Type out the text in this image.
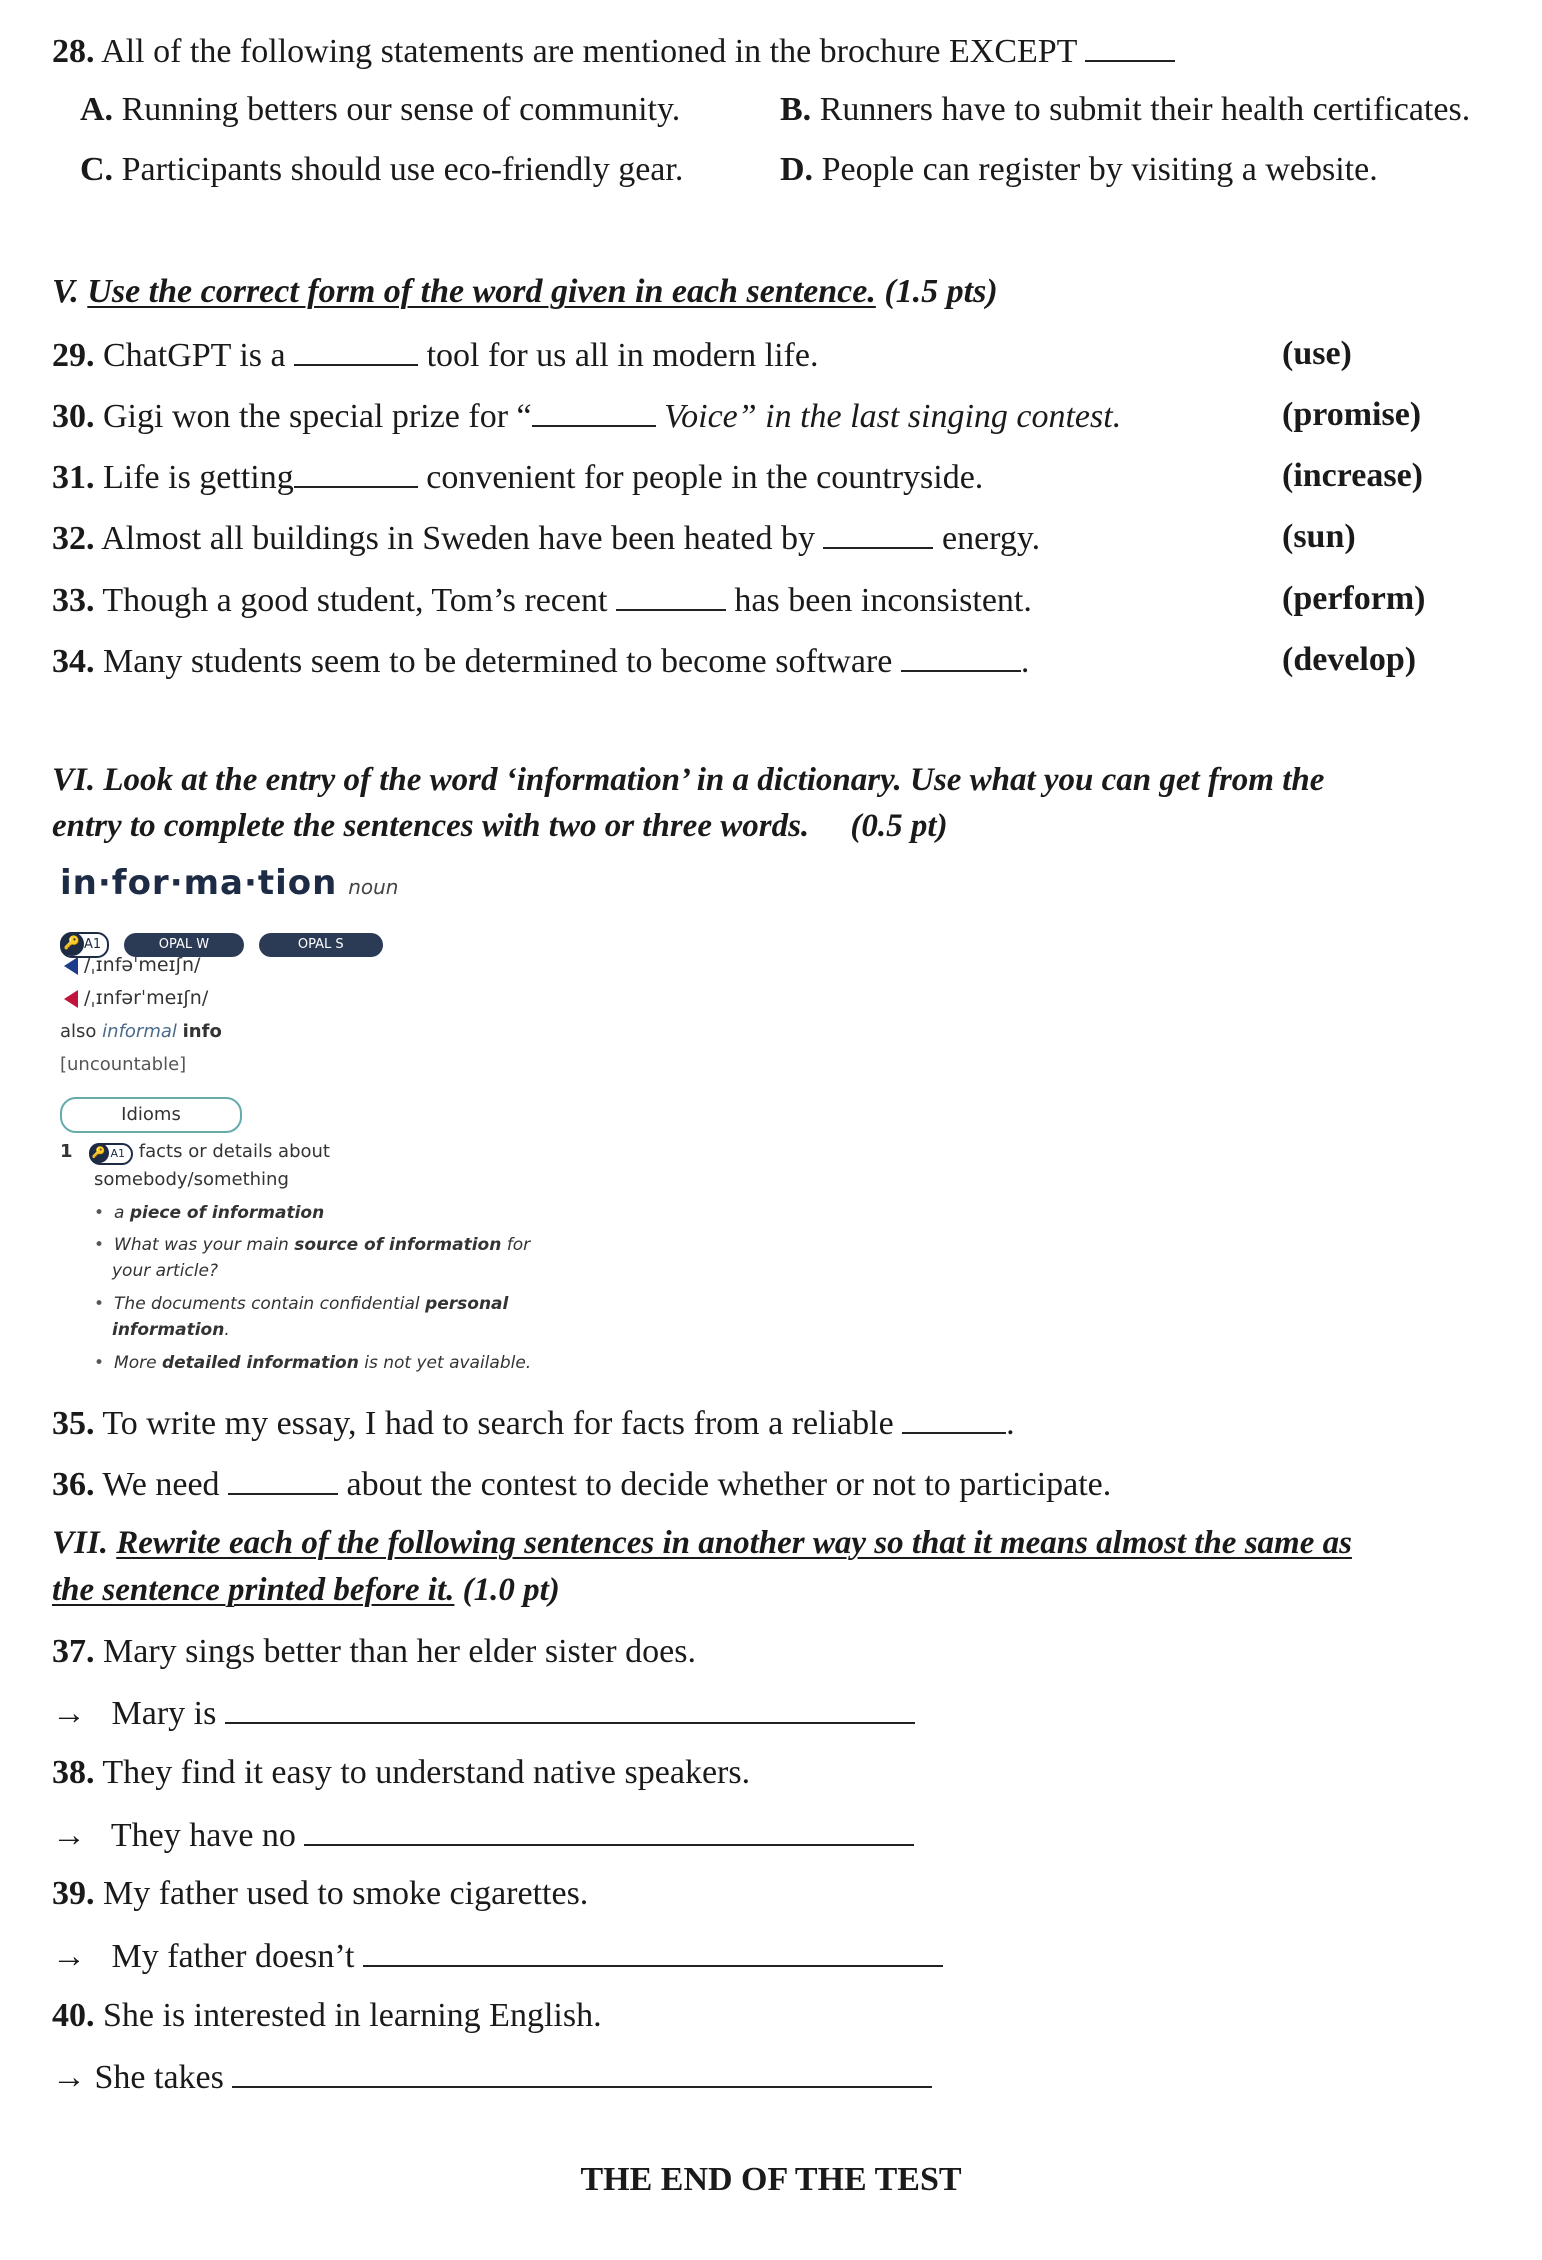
28. All of the following statements are mentioned in the brochure EXCEPT
A. Running betters our sense of community.	B. Runners have to submit their health certificates.
C. Participants should use eco-friendly gear.	D. People can register by visiting a website.
V. Use the correct form of the word given in each sentence. (1.5 pts)
29. ChatGPT is a	tool for us all in modern life.	(use)
30. Gigi won the special prize for “	Voice” in the last singing contest.	(promise)
31. Life is getting	convenient for people in the countryside.	(increase)
32. Almost all buildings in Sweden have been heated by	energy.	(sun)
33. Though a good student, Tom’s recent	has been inconsistent.	(perform)
34. Many students seem to be determined to become software	.	(develop)
VI. Look at the entry of the word ‘information’ in a dictionary. Use what you can get from the
entry to complete the sentences with two or three words. (0.5 pt)
in·for·ma·tion noun
🔑 A1	OPAL W	OPAL S
/ˌɪnfəˈmeɪʃn/
/ˌɪnfərˈmeɪʃn/
also informal info
[uncountable]
Idioms
1 🔑 A1 facts or details about
somebody/something
• a piece of information
• What was your main source of information for
your article?
• The documents contain confidential personal
information.
• More detailed information is not yet available.
35. To write my essay, I had to search for facts from a reliable	.
36. We need	about the contest to decide whether or not to participate.
VII. Rewrite each of the following sentences in another way so that it means almost the same as
the sentence printed before it. (1.0 pt)
37. Mary sings better than her elder sister does.
→ Mary is
38. They find it easy to understand native speakers.
→ They have no
39. My father used to smoke cigarettes.
→ My father doesn’t
40. She is interested in learning English.
→ She takes
THE END OF THE TEST
